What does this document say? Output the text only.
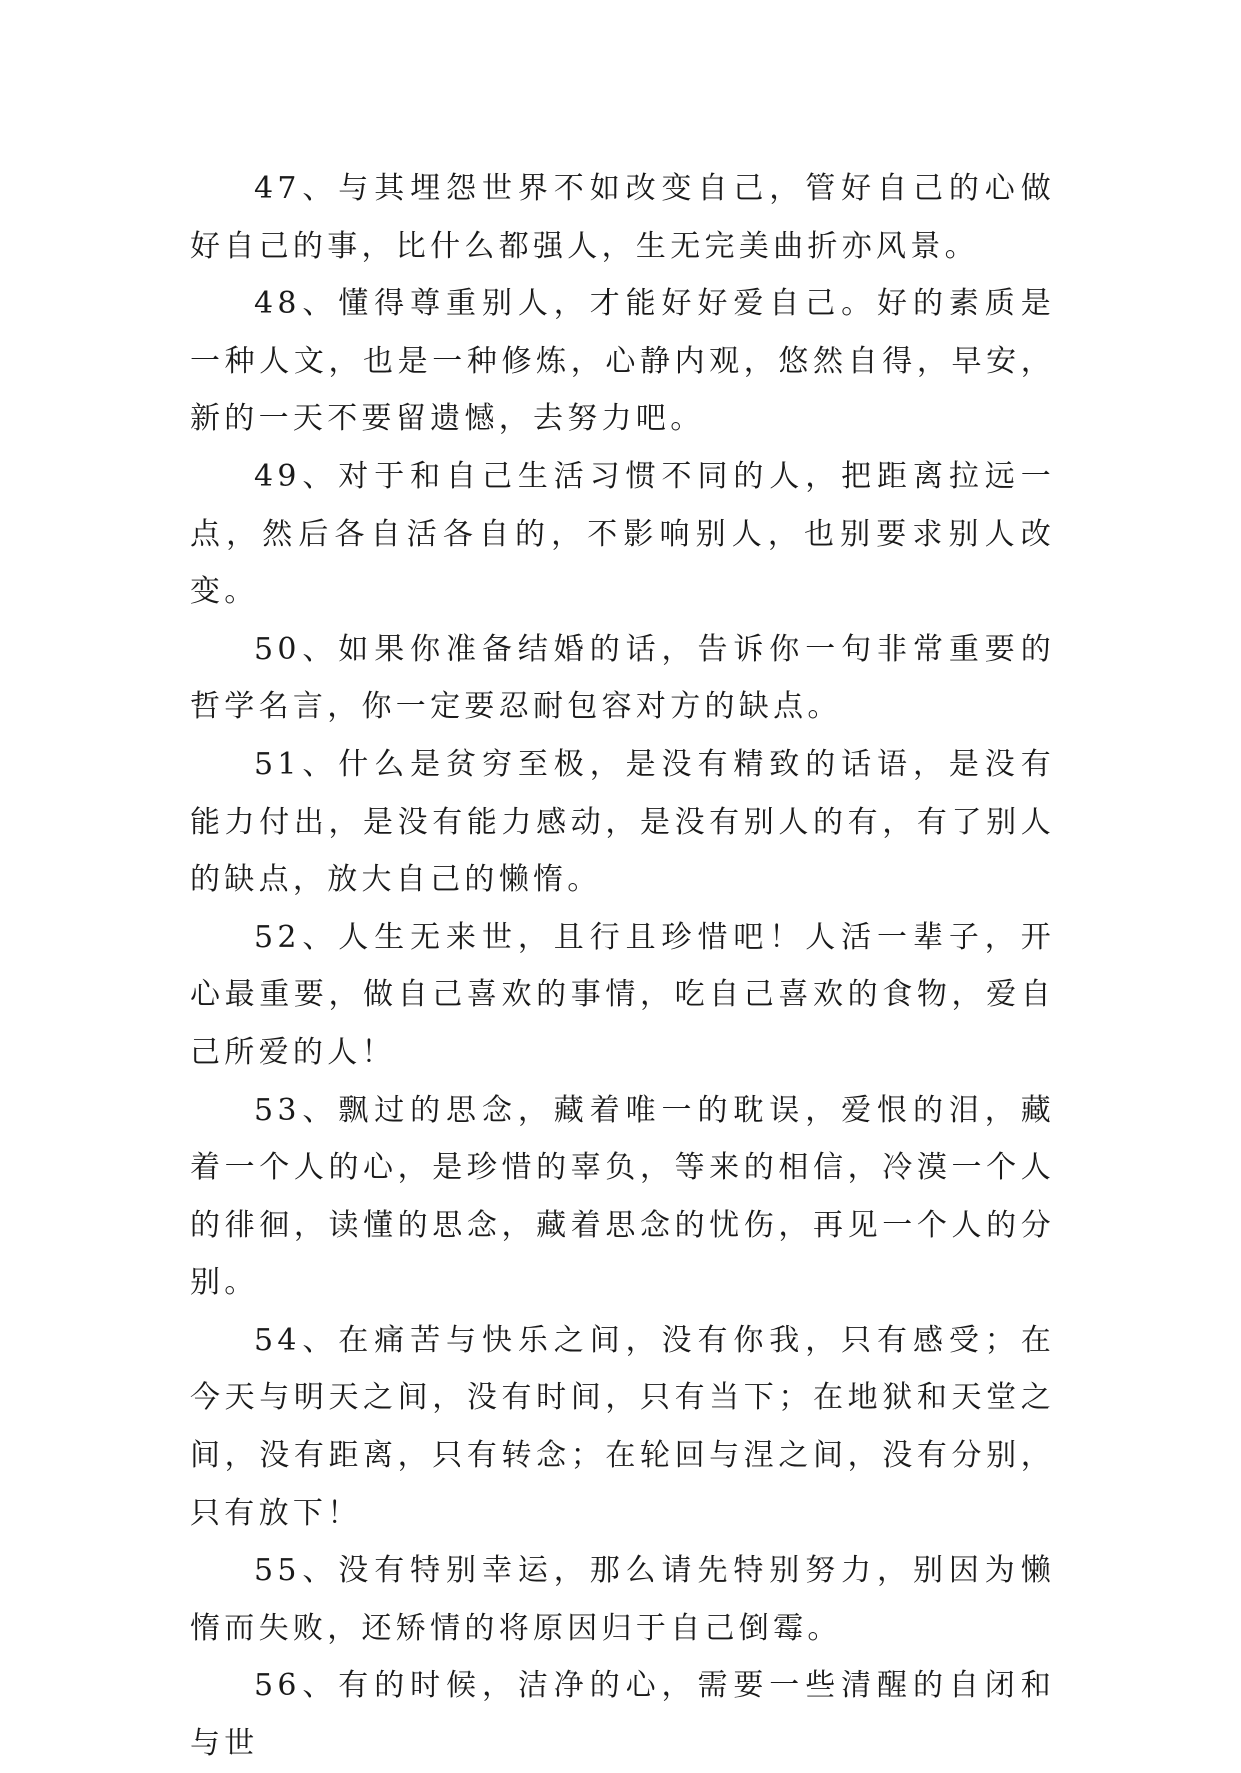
47、与其埋怨世界不如改变自己，管好自己的心做好自己的事，比什么都强人，生无完美曲折亦风景。

48、懂得尊重别人，才能好好爱自己。好的素质是一种人文，也是一种修炼，心静内观，悠然自得，早安，新的一天不要留遗憾，去努力吧。

49、对于和自己生活习惯不同的人，把距离拉远一点，然后各自活各自的，不影响别人，也别要求别人改变。

50、如果你准备结婚的话，告诉你一句非常重要的哲学名言，你一定要忍耐包容对方的缺点。

51、什么是贫穷至极，是没有精致的话语，是没有能力付出，是没有能力感动，是没有别人的有，有了别人的缺点，放大自己的懒惰。

52、人生无来世，且行且珍惜吧！人活一辈子，开心最重要，做自己喜欢的事情，吃自己喜欢的食物，爱自己所爱的人！

53、飘过的思念，藏着唯一的耽误，爱恨的泪，藏着一个人的心，是珍惜的辜负，等来的相信，冷漠一个人的徘徊，读懂的思念，藏着思念的忧伤，再见一个人的分别。

54、在痛苦与快乐之间，没有你我，只有感受；在今天与明天之间，没有时间，只有当下；在地狱和天堂之间，没有距离，只有转念；在轮回与涅之间，没有分别，只有放下！

55、没有特别幸运，那么请先特别努力，别因为懒惰而失败，还矫情的将原因归于自己倒霉。

56、有的时候，洁净的心，需要一些清醒的自闭和与世
